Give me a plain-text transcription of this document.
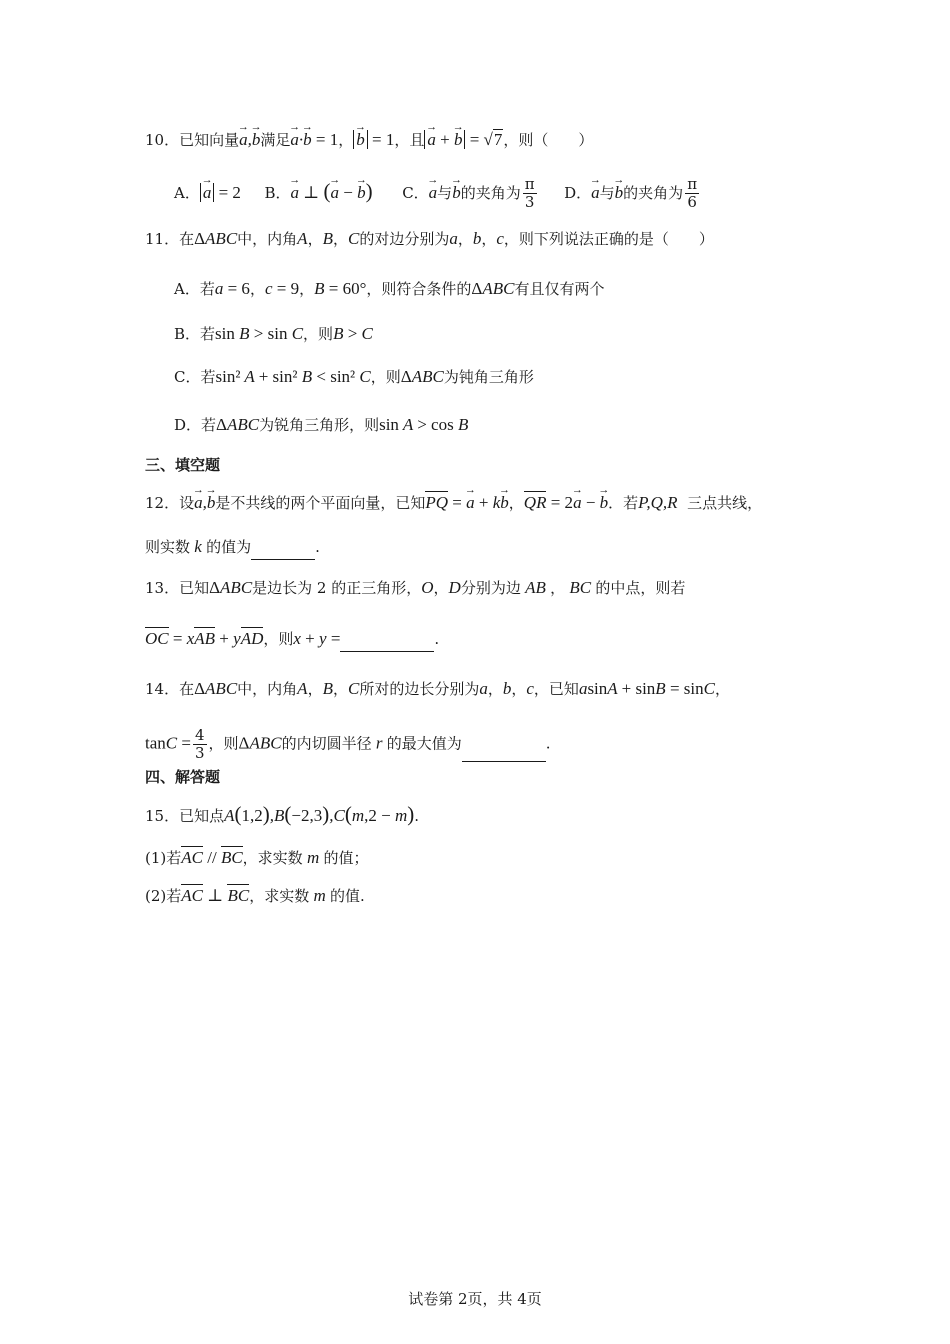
10．已知向量→ a,→ b满足→ a·→ b = 1， → b = 1，且 → a + → b = √7，则（　　）
A． → a = 2 B．→ a ⊥ (→ a − → b) C．→ a与→ b的夹角为 $\frac{\pi}{3}$ D．→ a与→ b的夹角为 $\frac{\pi}{6}$
11．在ΔABC中，内角A，B，C的对边分别为a，b，c，则下列说法正确的是（　　）
A．若a = 6，c = 9，B = 60°，则符合条件的ΔABC有且仅有两个
B．若sin B > sin C，则B > C
C．若sin² A + sin² B < sin² C，则ΔABC为钝角三角形
D．若ΔABC为锐角三角形，则sin A > cos B
三、填空题
12．设→ a,→ b是不共线的两个平面向量，已知PQ = → a + k→ b，QR = 2→ a − → b．若P,Q,R 三点共线，
则实数 k 的值为	.
13．已知ΔABC是边长为 2 的正三角形，O，D分别为边 AB ， BC 的中点，则若
OC = xAB + yAD，则x + y =	.
14．在ΔABC中，内角A，B，C所对的边长分别为a，b，c，已知asinA + sinB = sinC，
$\tan C = \frac{4}{3}$ ，则ΔABC的内切圆半径 r 的最大值为	.
四、解答题
15．已知点A(1,2),B(−2,3),C(m,2 − m).
(1)若AC // BC，求实数 m 的值；
(2)若AC ⊥ BC，求实数 m 的值.
试卷第 2页，共 4页
